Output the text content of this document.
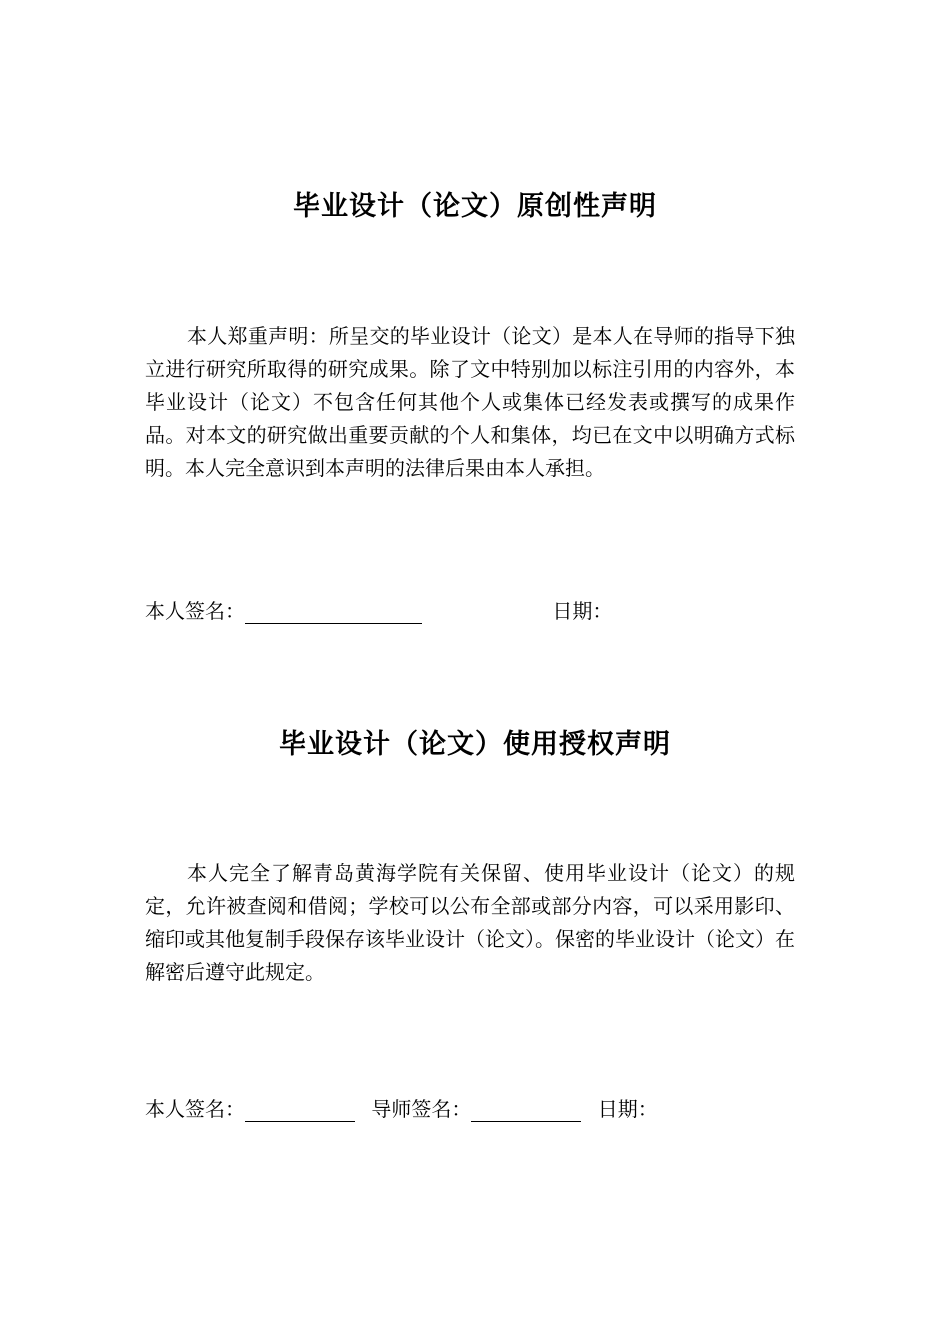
毕业设计（论文）原创性声明

本人郑重声明：所呈交的毕业设计（论文）是本人在导师的指导下独立进行研究所取得的研究成果。除了文中特别加以标注引用的内容外，本毕业设计（论文）不包含任何其他个人或集体已经发表或撰写的成果作品。对本文的研究做出重要贡献的个人和集体，均已在文中以明确方式标明。本人完全意识到本声明的法律后果由本人承担。

本人签名：	日期：
毕业设计（论文）使用授权声明

本人完全了解青岛黄海学院有关保留、使用毕业设计（论文）的规定，允许被查阅和借阅；学校可以公布全部或部分内容，可以采用影印、缩印或其他复制手段保存该毕业设计（论文）。保密的毕业设计（论文）在解密后遵守此规定。

本人签名：	导师签名：	日期：
